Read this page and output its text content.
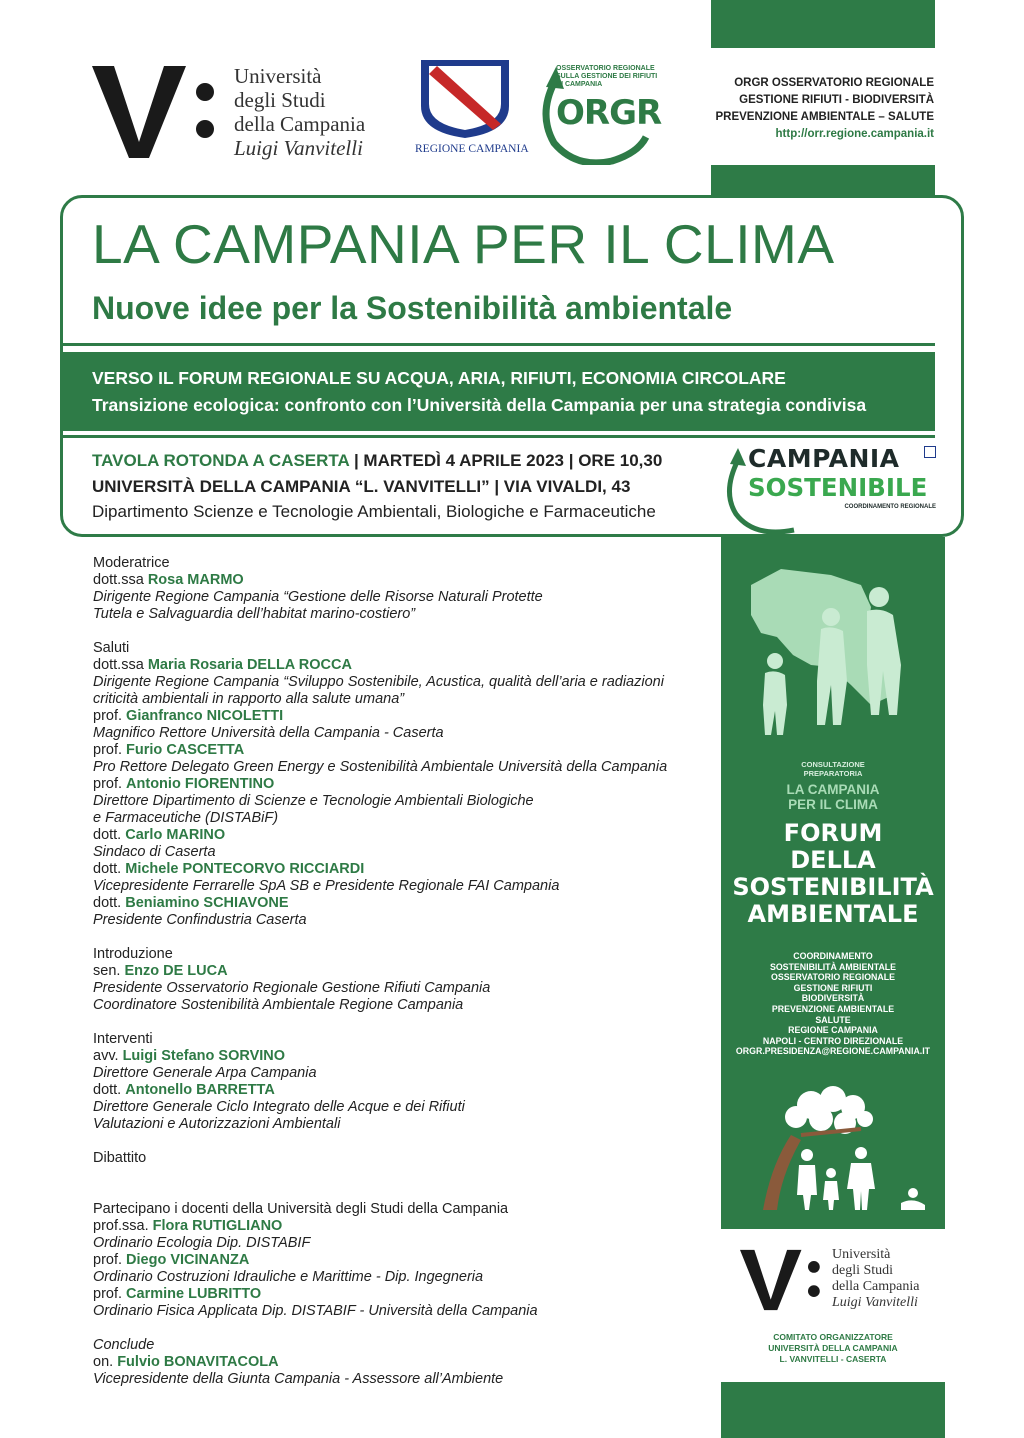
Università
degli Studi
della Campania
Luigi Vanvitelli	REGIONE CAMPANIA
OSSERVATORIO REGIONALE
SULLA GESTIONE DEI RIFIUTI
IN CAMPANIA
ORGR
ORGR OSSERVATORIO REGIONALE
GESTIONE RIFIUTI - BIODIVERSITÀ
PREVENZIONE AMBIENTALE – SALUTE
http://orr.regione.campania.it
LA CAMPANIA PER IL CLIMA
Nuove idee per la Sostenibilità ambientale
VERSO IL FORUM REGIONALE SU ACQUA, ARIA, RIFIUTI, ECONOMIA CIRCOLARE
Transizione ecologica: confronto con l’Università della Campania per una strategia condivisa
TAVOLA ROTONDA A CASERTA | MARTEDÌ 4 APRILE 2023 | ORE 10,30
UNIVERSITÀ DELLA CAMPANIA “L. VANVITELLI” | VIA VIVALDI, 43
Dipartimento Scienze e Tecnologie Ambientali, Biologiche e Farmaceutiche
CAMPANIA
SOSTENIBILE
COORDINAMENTO REGIONALE
Moderatrice
dott.ssa Rosa MARMO
Dirigente Regione Campania “Gestione delle Risorse Naturali Protette
Tutela e Salvaguardia dell’habitat marino-costiero”
Saluti
dott.ssa Maria Rosaria DELLA ROCCA
Dirigente Regione Campania “Sviluppo Sostenibile, Acustica, qualità dell’aria e radiazioni
criticità ambientali in rapporto alla salute umana”
prof. Gianfranco NICOLETTI
Magnifico Rettore Università della Campania - Caserta
prof. Furio CASCETTA
Pro Rettore Delegato Green Energy e Sostenibilità Ambientale Università della Campania
prof. Antonio FIORENTINO
Direttore Dipartimento di Scienze e Tecnologie Ambientali Biologiche
e Farmaceutiche (DISTABiF)
dott. Carlo MARINO
Sindaco di Caserta
dott. Michele PONTECORVO RICCIARDI
Vicepresidente Ferrarelle SpA SB e Presidente Regionale FAI Campania
dott. Beniamino SCHIAVONE
Presidente Confindustria Caserta
Introduzione
sen. Enzo DE LUCA
Presidente Osservatorio Regionale Gestione Rifiuti Campania
Coordinatore Sostenibilità Ambientale Regione Campania
Interventi
avv. Luigi Stefano SORVINO
Direttore Generale Arpa Campania
dott. Antonello BARRETTA
Direttore Generale Ciclo Integrato delle Acque e dei Rifiuti
Valutazioni e Autorizzazioni Ambientali
Dibattito
Partecipano i docenti della Università degli Studi della Campania
prof.ssa. Flora RUTIGLIANO
Ordinario Ecologia Dip. DISTABIF
prof. Diego VICINANZA
Ordinario Costruzioni Idrauliche e Marittime - Dip. Ingegneria
prof. Carmine LUBRITTO
Ordinario Fisica Applicata Dip. DISTABIF - Università della Campania
Conclude
on. Fulvio BONAVITACOLA
Vicepresidente della Giunta Campania - Assessore all’Ambiente
CONSULTAZIONE
PREPARATORIA
LA CAMPANIA
PER IL CLIMA
FORUM
DELLA
SOSTENIBILITÀ
AMBIENTALE
COORDINAMENTO
SOSTENIBILITÀ AMBIENTALE
OSSERVATORIO REGIONALE
GESTIONE RIFIUTI
BIODIVERSITÀ
PREVENZIONE AMBIENTALE
SALUTE
REGIONE CAMPANIA
NAPOLI - CENTRO DIREZIONALE
ORGR.PRESIDENZA@REGIONE.CAMPANIA.IT
Università
degli Studi
della Campania
Luigi Vanvitelli
COMITATO ORGANIZZATORE
UNIVERSITÀ DELLA CAMPANIA
L. VANVITELLI - CASERTA
